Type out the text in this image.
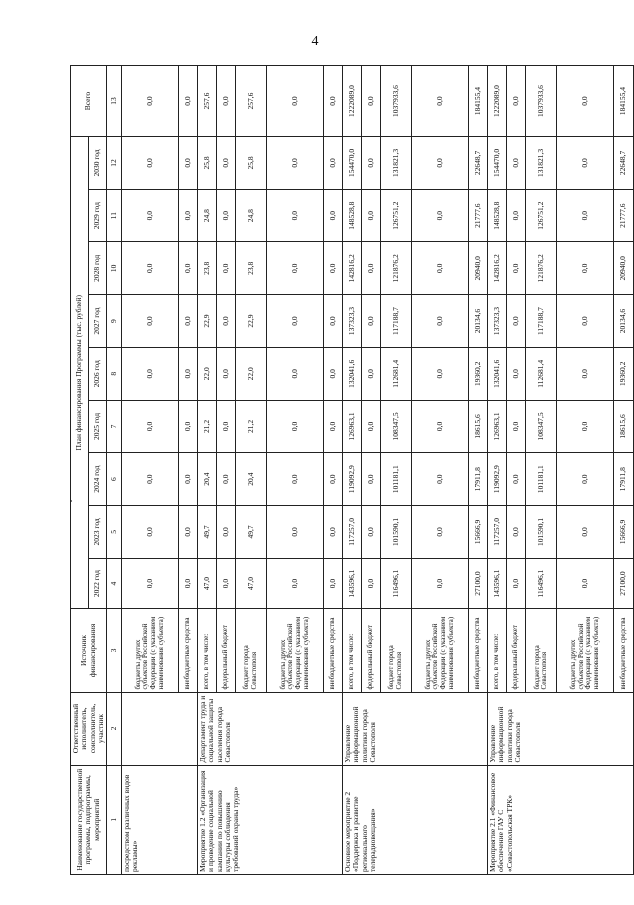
4
Наименование государственной программы, подпрограммы, мероприятий	Ответственный исполнитель, соисполнитель, участник	Источник финансирования	План финансирования Программы (тыс. рублей)									Всего
			2022 год	2023 год	2024 год	2025 год	2026 год	2027 год	2028 год	2029 год	2030 год	
1	2	3	4	5	6	7	8	9	10	11	12	13
посредством различных видов рекламы»		бюджеты других субъектов Российской Федерации (с указанием наименования субъекта)	0,0	0,0	0,0	0,0	0,0	0,0	0,0	0,0	0,0	0,0
		внебюджетные средства	0,0	0,0	0,0	0,0	0,0	0,0	0,0	0,0	0,0	0,0
Мероприятие 1.2 «Организация и проведение социальной кампании по повышению культуры соблюдения требований охраны труда»	Департамент труда и социальной защиты населения города Севастополя	всего, в том числе:	47,0	49,7	20,4	21,2	22,0	22,9	23,8	24,8	25,8	257,6
		федеральный бюджет	0,0	0,0	0,0	0,0	0,0	0,0	0,0	0,0	0,0	0,0
		бюджет города Севастополя	47,0	49,7	20,4	21,2	22,0	22,9	23,8	24,8	25,8	257,6
		бюджеты других субъектов Российской Федерации (с указанием наименования субъекта)	0,0	0,0	0,0	0,0	0,0	0,0	0,0	0,0	0,0	0,0
		внебюджетные средства	0,0	0,0	0,0	0,0	0,0	0,0	0,0	0,0	0,0	0,0
Основное мероприятие 2 «Поддержка и развитие регионального телерадиовещания»	Управление информационной политики города Севастополя	всего, в том числе:	143596,1	117257,0	119092,9	126963,1	132041,6	137323,3	142816,2	148528,8	154470,0	1222089,0
		федеральный бюджет	0,0	0,0	0,0	0,0	0,0	0,0	0,0	0,0	0,0	0,0
		бюджет города Севастополя	116496,1	101590,1	101181,1	108347,5	112681,4	117188,7	121876,2	126751,2	131821,3	1037933,6
		бюджеты других субъектов Российской Федерации (с указанием наименования субъекта)	0,0	0,0	0,0	0,0	0,0	0,0	0,0	0,0	0,0	0,0
		внебюджетные средства	27100,0	15666,9	17911,8	18615,6	19360,2	20134,6	20940,0	21777,6	22648,7	184155,4
Мероприятие 2.1 «Финансовое обеспечение ГАУ С «Севастопольская ТРК»	Управление информационной политики города Севастополя	всего, в том числе:	143596,1	117257,0	119092,9	126963,1	132041,6	137323,3	142816,2	148528,8	154470,0	1222089,0
		федеральный бюджет	0,0	0,0	0,0	0,0	0,0	0,0	0,0	0,0	0,0	0,0
		бюджет города Севастополя	116496,1	101590,1	101181,1	108347,5	112681,4	117188,7	121876,2	126751,2	131821,3	1037933,6
		бюджеты других субъектов Российской Федерации (с указанием наименования субъекта)	0,0	0,0	0,0	0,0	0,0	0,0	0,0	0,0	0,0	0,0
		внебюджетные средства	27100,0	15666,9	17911,8	18615,6	19360,2	20134,6	20940,0	21777,6	22648,7	184155,4
